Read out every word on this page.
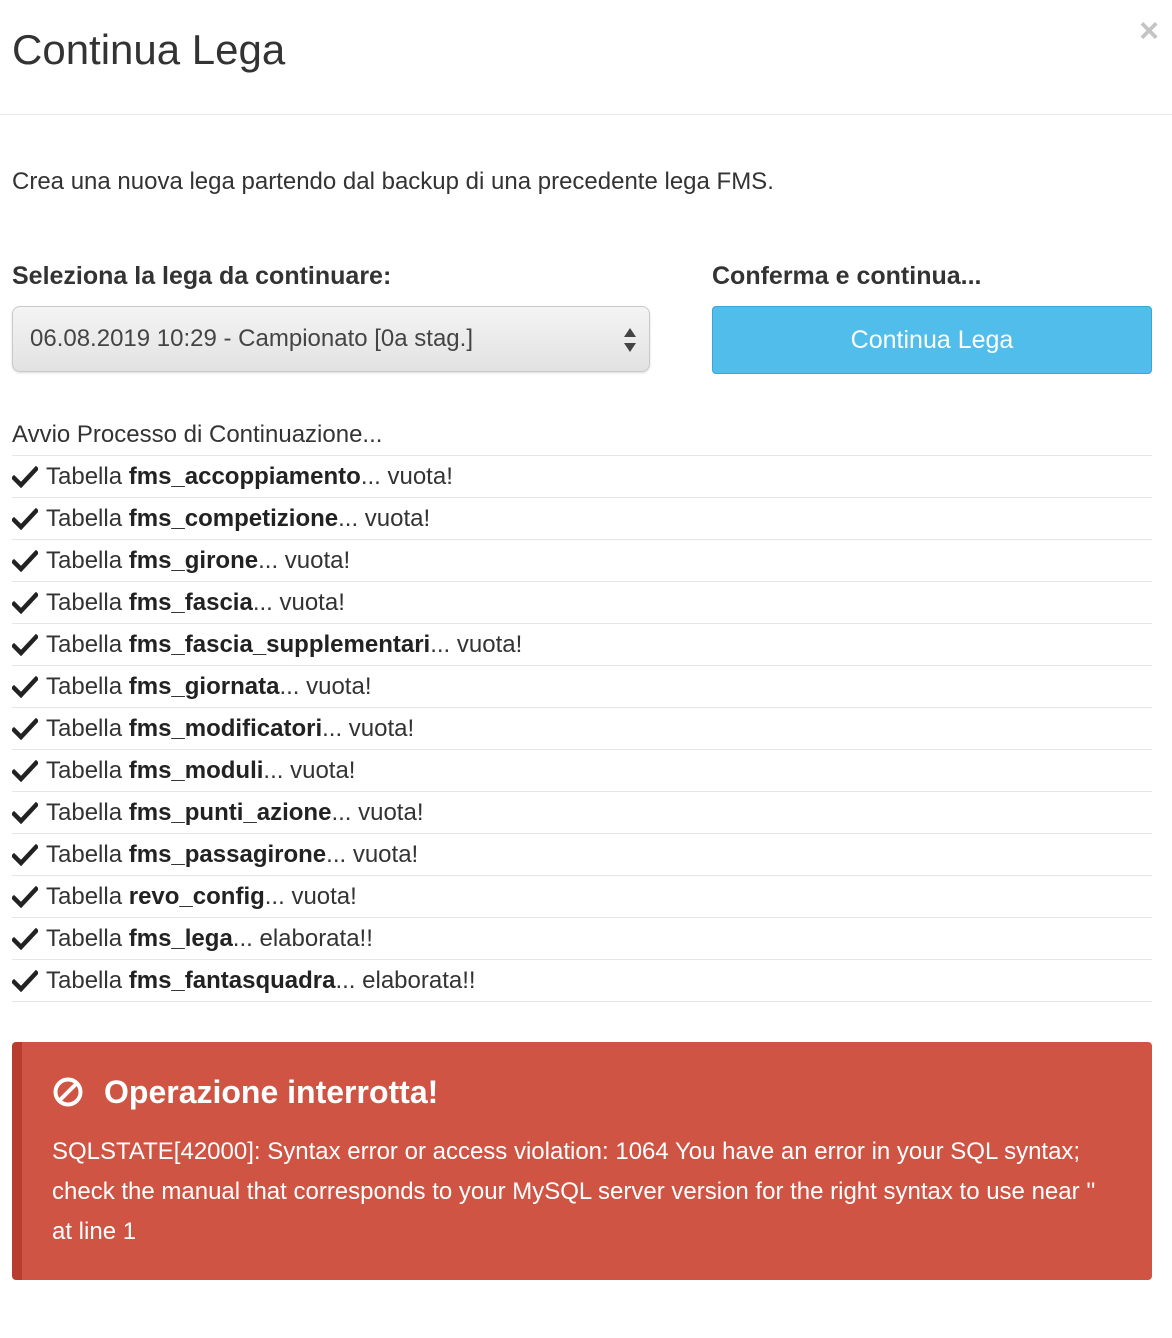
Continua Lega	×
Crea una nuova lega partendo dal backup di una precedente lega FMS.
Seleziona la lega da continuare:	Conferma e continua...
06.08.2019 10:29 - Campionato [0a stag.]	Continua Lega
Avvio Processo di Continuazione...
Tabella
fms_accoppiamento ... vuota!
Tabella
fms_competizione ... vuota!
Tabella
fms_girone ... vuota!
Tabella
fms_fascia ... vuota!
Tabella
fms_fascia_supplementari ... vuota!
Tabella
fms_giornata ... vuota!
Tabella
fms_modificatori ... vuota!
Tabella
fms_moduli ... vuota!
Tabella
fms_punti_azione ... vuota!
Tabella
fms_passagirone ... vuota!
Tabella
revo_config ... vuota!
Tabella
fms_lega ... elaborata!!
Tabella
fms_fantasquadra ... elaborata!!
Operazione interrotta!
SQLSTATE[42000]: Syntax error or access violation: 1064 You have an error in your SQL syntax; check the manual that corresponds to your MySQL server version for the right syntax to use near '' at line 1
